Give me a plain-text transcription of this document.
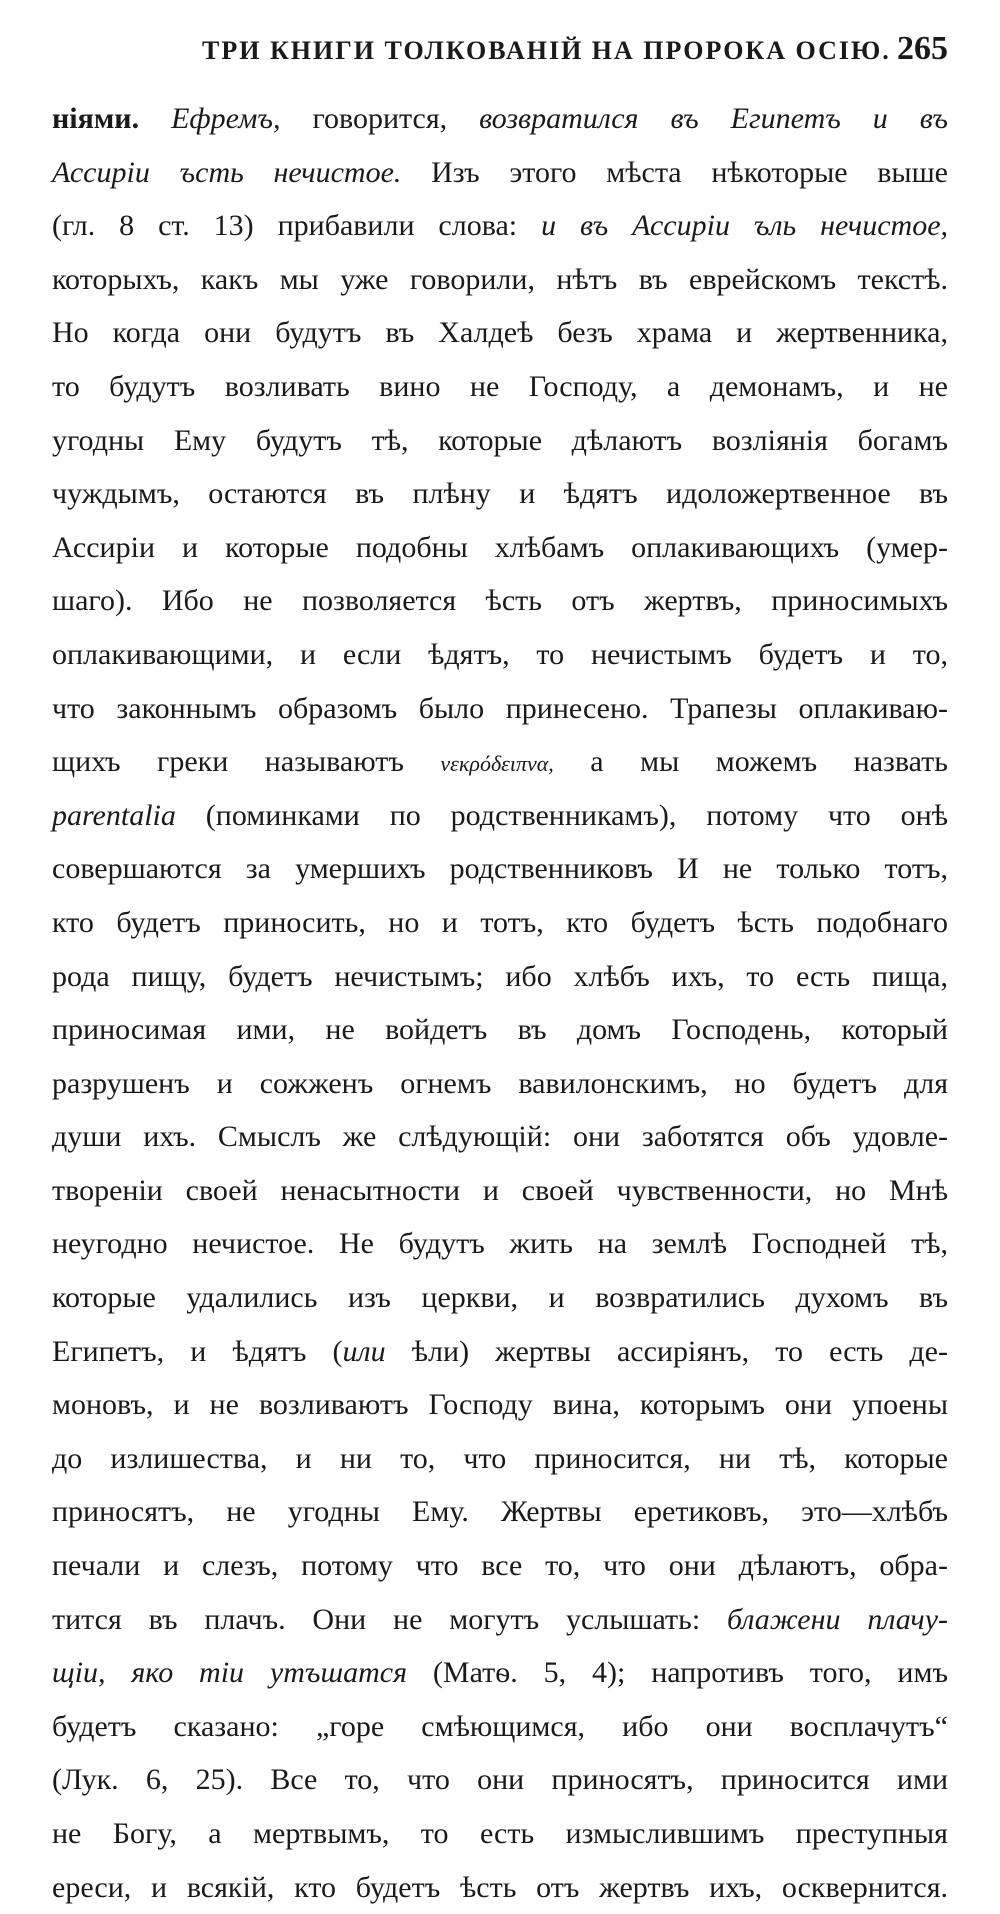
ТРИ КНИГИ ТОЛКОВАНІЙ НА ПРОРОКА ОСІЮ. 265
ніями. Ефремъ, говорится, возвратился въ Египетъ и въ
Ассиріи ъсть нечистое. Изъ этого мѣста нѣкоторые выше
(гл. 8 ст. 13) прибавили слова: и въ Ассиріи ъль нечистое,
которыхъ, какъ мы уже говорили, нѣтъ въ еврейскомъ текстѣ.
Но когда они будутъ въ Халдеѣ безъ храма и жертвенника,
то будутъ возливать вино не Господу, а демонамъ, и не
угодны Ему будутъ тѣ, которые дѣлаютъ возліянія богамъ
чуждымъ, остаются въ плѣну и ѣдятъ идоложертвенное въ
Ассиріи и которые подобны хлѣбамъ оплакивающихъ (умер-
шаго). Ибо не позволяется ѣсть отъ жертвъ, приносимыхъ
оплакивающими, и если ѣдятъ, то нечистымъ будетъ и то,
что законнымъ образомъ было принесено. Трапезы оплакиваю-
щихъ греки называютъ νεκρόδειπνα, а мы можемъ назвать
parentalia (поминками по родственникамъ), потому что онѣ
совершаются за умершихъ родственниковъ И не только тотъ,
кто будетъ приносить, но и тотъ, кто будетъ ѣсть подобнаго
рода пищу, будетъ нечистымъ; ибо хлѣбъ ихъ, то есть пища,
приносимая ими, не войдетъ въ домъ Господень, который
разрушенъ и сожженъ огнемъ вавилонскимъ, но будетъ для
души ихъ. Смыслъ же слѣдующій: они заботятся объ удовле-
твореніи своей ненасытности и своей чувственности, но Мнѣ
неугодно нечистое. Не будутъ жить на землѣ Господней тѣ,
которые удалились изъ церкви, и возвратились духомъ въ
Египетъ, и ѣдятъ (или ѣли) жертвы ассиріянъ, то есть де-
моновъ, и не возливаютъ Господу вина, которымъ они упоены
до излишества, и ни то, что приносится, ни тѣ, которые
приносятъ, не угодны Ему. Жертвы еретиковъ, это—хлѣбъ
печали и слезъ, потому что все то, что они дѣлаютъ, обра-
тится въ плачъ. Они не могутъ услышать: блажени плачу-
щіи, яко тіи утъшатся (Матѳ. 5, 4); напротивъ того, имъ
будетъ сказано: „горе смѣющимся, ибо они восплачутъ“
(Лук. 6, 25). Все то, что они приносятъ, приносится ими
не Богу, а мертвымъ, то есть измыслившимъ преступныя
ереси, и всякій, кто будетъ ѣсть отъ жертвъ ихъ, осквернится.
